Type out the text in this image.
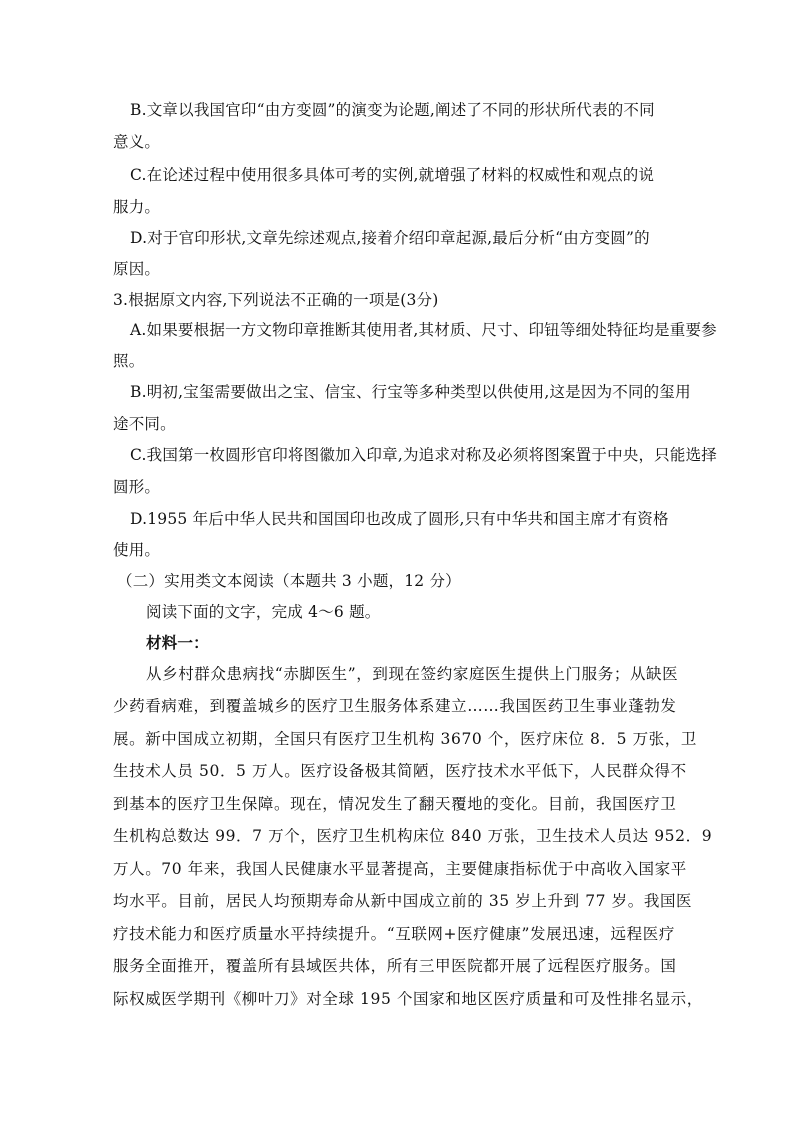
B.文章以我国官印“由方变圆”的演变为论题,阐述了不同的形状所代表的不同
意义。
C.在论述过程中使用很多具体可考的实例,就增强了材料的权威性和观点的说
服力。
D.对于官印形状,文章先综述观点,接着介绍印章起源,最后分析“由方变圆”的
原因。
3.根据原文内容,下列说法不正确的一项是(3分)
A.如果要根据一方文物印章推断其使用者,其材质、尺寸、印钮等细处特征均是重要参
照。
B.明初,宝玺需要做出之宝、信宝、行宝等多种类型以供使用,这是因为不同的玺用
途不同。
C.我国第一枚圆形官印将图徽加入印章,为追求对称及必须将图案置于中央，只能选择
圆形。
D.1955 年后中华人民共和国国印也改成了圆形,只有中华共和国主席才有资格
使用。
（二）实用类文本阅读（本题共 3 小题，12 分）
阅读下面的文字，完成 4～6 题。
材料一：
从乡村群众患病找“赤脚医生”，到现在签约家庭医生提供上门服务；从缺医
少药看病难，到覆盖城乡的医疗卫生服务体系建立……我国医药卫生事业蓬勃发
展。新中国成立初期，全国只有医疗卫生机构 3670 个，医疗床位 8．5 万张，卫
生技术人员 50．5 万人。医疗设备极其简陋，医疗技术水平低下，人民群众得不
到基本的医疗卫生保障。现在，情况发生了翻天覆地的变化。目前，我国医疗卫
生机构总数达 99．7 万个，医疗卫生机构床位 840 万张，卫生技术人员达 952．9
万人。70 年来，我国人民健康水平显著提高，主要健康指标优于中高收入国家平
均水平。目前，居民人均预期寿命从新中国成立前的 35 岁上升到 77 岁。我国医
疗技术能力和医疗质量水平持续提升。“互联网+医疗健康”发展迅速，远程医疗
服务全面推开，覆盖所有县域医共体，所有三甲医院都开展了远程医疗服务。国
际权威医学期刊《柳叶刀》对全球 195 个国家和地区医疗质量和可及性排名显示，
